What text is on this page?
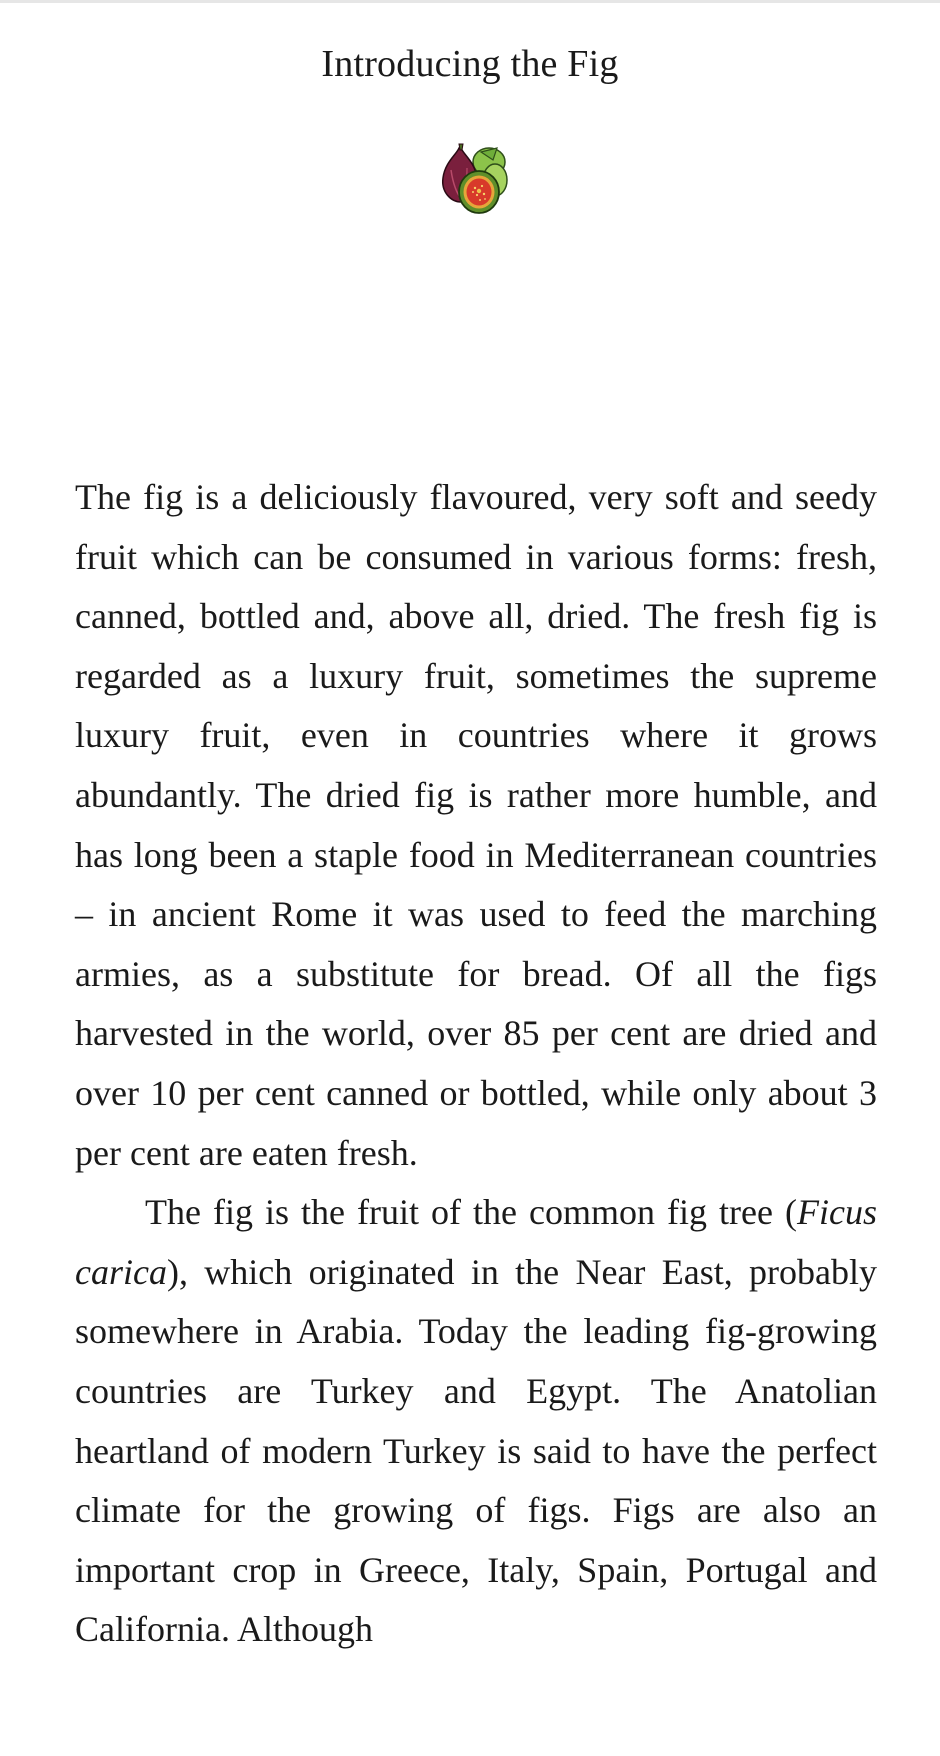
Introducing the Fig

The fig is a deliciously flavoured, very soft and seedy fruit which can be consumed in various forms: fresh, canned, bottled and, above all, dried. The fresh fig is regarded as a luxury fruit, sometimes the supreme luxury fruit, even in countries where it grows abundantly. The dried fig is rather more humble, and has long been a staple food in Mediterranean countries – in ancient Rome it was used to feed the marching armies, as a substitute for bread. Of all the figs harvested in the world, over 85 per cent are dried and over 10 per cent canned or bottled, while only about 3 per cent are eaten fresh.

The fig is the fruit of the common fig tree (Ficus carica), which originated in the Near East, probably somewhere in Arabia. Today the leading fig-growing countries are Turkey and Egypt. The Anatolian heartland of modern Turkey is said to have the perfect climate for the growing of figs. Figs are also an important crop in Greece, Italy, Spain, Portugal and California. Although
